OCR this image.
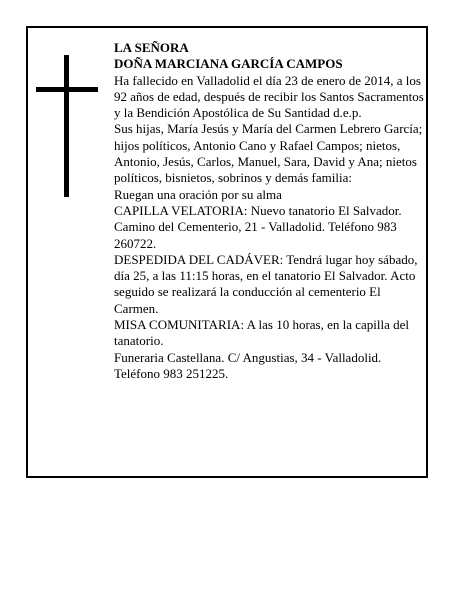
LA SEÑORA

DOÑA MARCIANA GARCÍA CAMPOS

Ha fallecido en Valladolid el día 23 de enero de 2014, a los 92 años de edad, después de recibir los Santos Sacramentos y la Bendición Apostólica de Su Santidad d.e.p.

Sus hijas, María Jesús y María del Carmen Lebrero García; hijos políticos, Antonio Cano y Rafael Campos; nietos, Antonio, Jesús, Carlos, Manuel, Sara, David y Ana; nietos políticos, bisnietos, sobrinos y demás familia:

Ruegan una oración por su alma

CAPILLA VELATORIA: Nuevo tanatorio El Salvador. Camino del Cementerio, 21 - Valladolid. Teléfono 983 260722.

DESPEDIDA DEL CADÁVER: Tendrá lugar hoy sábado, día 25, a las 11:15 horas, en el tanatorio El Salvador. Acto seguido se realizará la conducción al cementerio El Carmen.

MISA COMUNITARIA: A las 10 horas, en la capilla del tanatorio.

Funeraria Castellana. C/ Angustias, 34 - Valladolid. Teléfono 983 251225.
